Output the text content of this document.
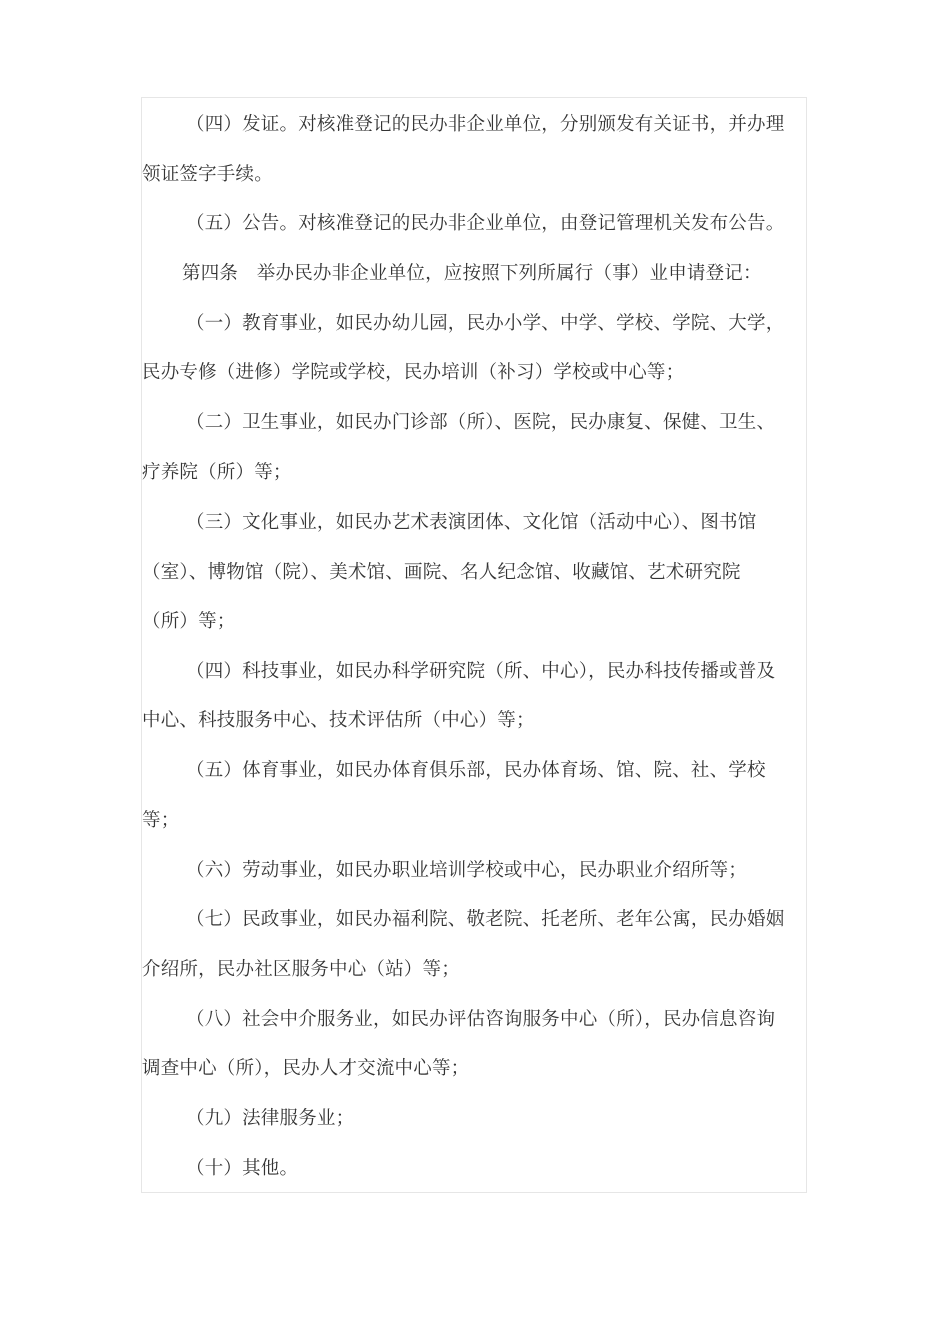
（四）发证。对核准登记的民办非企业单位，分别颁发有关证书，并办理

领证签字手续。

（五）公告。对核准登记的民办非企业单位，由登记管理机关发布公告。

第四条　举办民办非企业单位，应按照下列所属行（事）业申请登记：

（一）教育事业，如民办幼儿园，民办小学、中学、学校、学院、大学，

民办专修（进修）学院或学校，民办培训（补习）学校或中心等；

（二）卫生事业，如民办门诊部（所）、医院，民办康复、保健、卫生、

疗养院（所）等；

（三）文化事业，如民办艺术表演团体、文化馆（活动中心）、图书馆

（室）、博物馆（院）、美术馆、画院、名人纪念馆、收藏馆、艺术研究院

（所）等；

（四）科技事业，如民办科学研究院（所、中心），民办科技传播或普及

中心、科技服务中心、技术评估所（中心）等；

（五）体育事业，如民办体育俱乐部，民办体育场、馆、院、社、学校

等；

（六）劳动事业，如民办职业培训学校或中心，民办职业介绍所等；

（七）民政事业，如民办福利院、敬老院、托老所、老年公寓，民办婚姻

介绍所，民办社区服务中心（站）等；

（八）社会中介服务业，如民办评估咨询服务中心（所），民办信息咨询

调查中心（所），民办人才交流中心等；

（九）法律服务业；

（十）其他。
